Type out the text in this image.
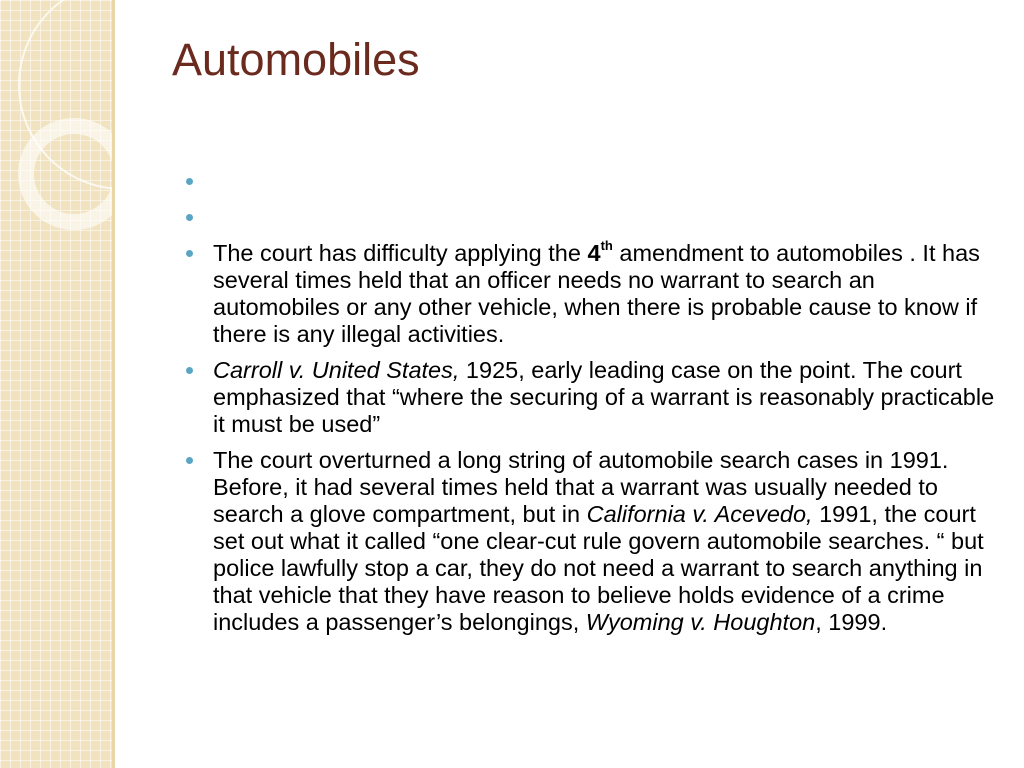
Automobiles
The court has difficulty applying the 4th amendment to automobiles . It has several times held that an officer needs no warrant to search an automobiles or any other vehicle, when there is probable cause to know if there is any illegal activities.
Carroll v. United States, 1925, early leading case on the point. The court emphasized that “where the securing of a warrant is reasonably practicable it must be used”
The court overturned a long string of automobile search cases in 1991. Before, it had several times held that a warrant was usually needed to search a glove compartment, but in California v. Acevedo, 1991, the court set out what it called “one clear-cut rule govern automobile searches. “ but police lawfully stop a car, they do not need a warrant to search anything in that vehicle that they have reason to believe holds evidence of a crime includes a passenger’s belongings, Wyoming v. Houghton, 1999.
